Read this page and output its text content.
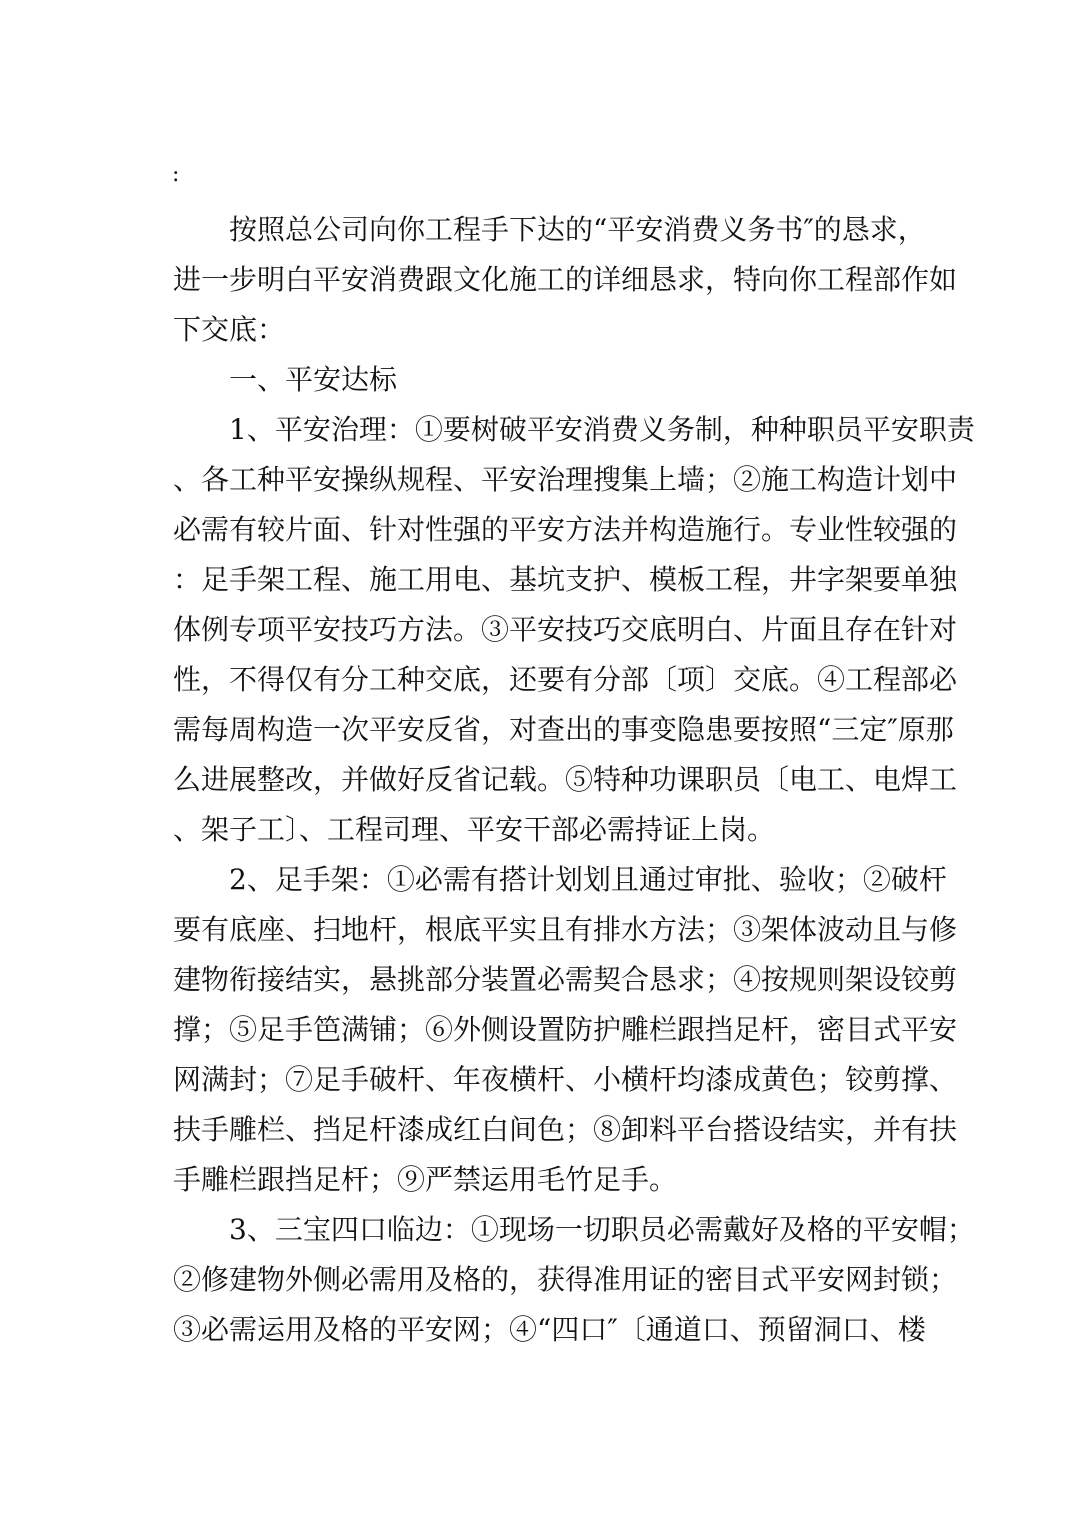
:

按照总公司向你工程手下达的“平安消费义务书″的恳求，

进一步明白平安消费跟文化施工的详细恳求，特向你工程部作如

下交底：

一、平安达标

1、平安治理：①要树破平安消费义务制，种种职员平安职责

、各工种平安操纵规程、平安治理搜集上墙；②施工构造计划中

必需有较片面、针对性强的平安方法并构造施行。专业性较强的

：足手架工程、施工用电、基坑支护、模板工程，井字架要单独

体例专项平安技巧方法。③平安技巧交底明白、片面且存在针对

性，不得仅有分工种交底，还要有分部〔项〕交底。④工程部必

需每周构造一次平安反省，对查出的事变隐患要按照“三定″原那

么进展整改，并做好反省记载。⑤特种功课职员〔电工、电焊工

、架子工〕、工程司理、平安干部必需持证上岗。

2、足手架：①必需有搭计划划且通过审批、验收；②破杆

要有底座、扫地杆，根底平实且有排水方法；③架体波动且与修

建物衔接结实，悬挑部分装置必需契合恳求；④按规则架设铰剪

撑；⑤足手笆满铺；⑥外侧设置防护雕栏跟挡足杆，密目式平安

网满封；⑦足手破杆、年夜横杆、小横杆均漆成黄色；铰剪撑、

扶手雕栏、挡足杆漆成红白间色；⑧卸料平台搭设结实，并有扶

手雕栏跟挡足杆；⑨严禁运用毛竹足手。

3、三宝四口临边：①现场一切职员必需戴好及格的平安帽；

②修建物外侧必需用及格的，获得准用证的密目式平安网封锁；

③必需运用及格的平安网；④“四口″〔通道口、预留洞口、楼
